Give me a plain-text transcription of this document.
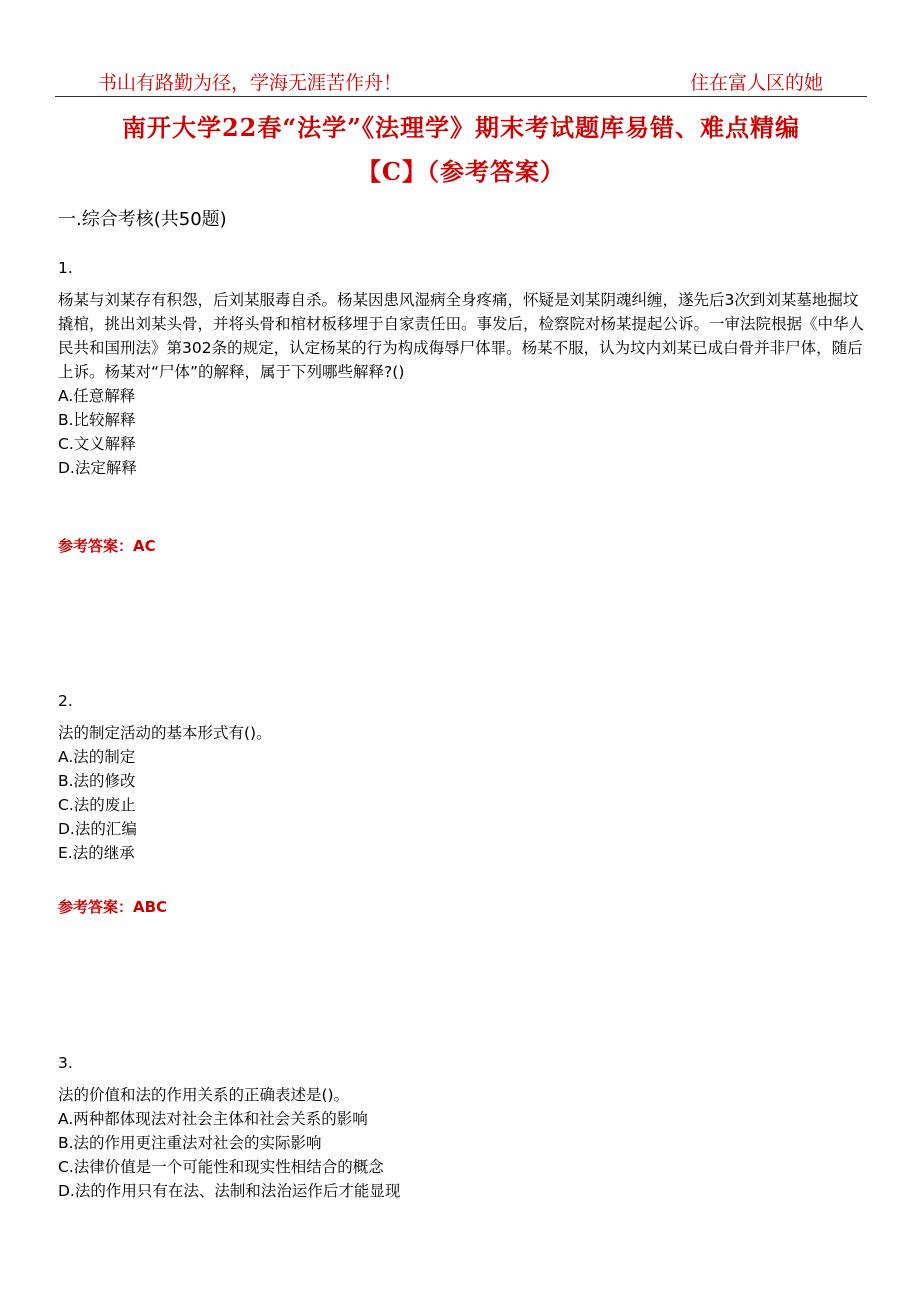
书山有路勤为径，学海无涯苦作舟！	住在富人区的她
南开大学22春“法学”《法理学》期末考试题库易错、难点精编
【C】（参考答案）
一.综合考核(共50题)
1.
杨某与刘某存有积怨，后刘某服毒自杀。杨某因患风湿病全身疼痛，怀疑是刘某阴魂纠缠，遂先后3次到刘某墓地掘坟撬棺，挑出刘某头骨，并将头骨和棺材板移埋于自家责任田。事发后，检察院对杨某提起公诉。一审法院根据《中华人民共和国刑法》第302条的规定，认定杨某的行为构成侮辱尸体罪。杨某不服，认为坟内刘某已成白骨并非尸体，随后上诉。杨某对“尸体”的解释，属于下列哪些解释?()
A.任意解释
B.比较解释
C.文义解释
D.法定解释
参考答案：AC
2.
法的制定活动的基本形式有()。
A.法的制定
B.法的修改
C.法的废止
D.法的汇编
E.法的继承
参考答案：ABC
3.
法的价值和法的作用关系的正确表述是()。
A.两种都体现法对社会主体和社会关系的影响
B.法的作用更注重法对社会的实际影响
C.法律价值是一个可能性和现实性相结合的概念
D.法的作用只有在法、法制和法治运作后才能显现
